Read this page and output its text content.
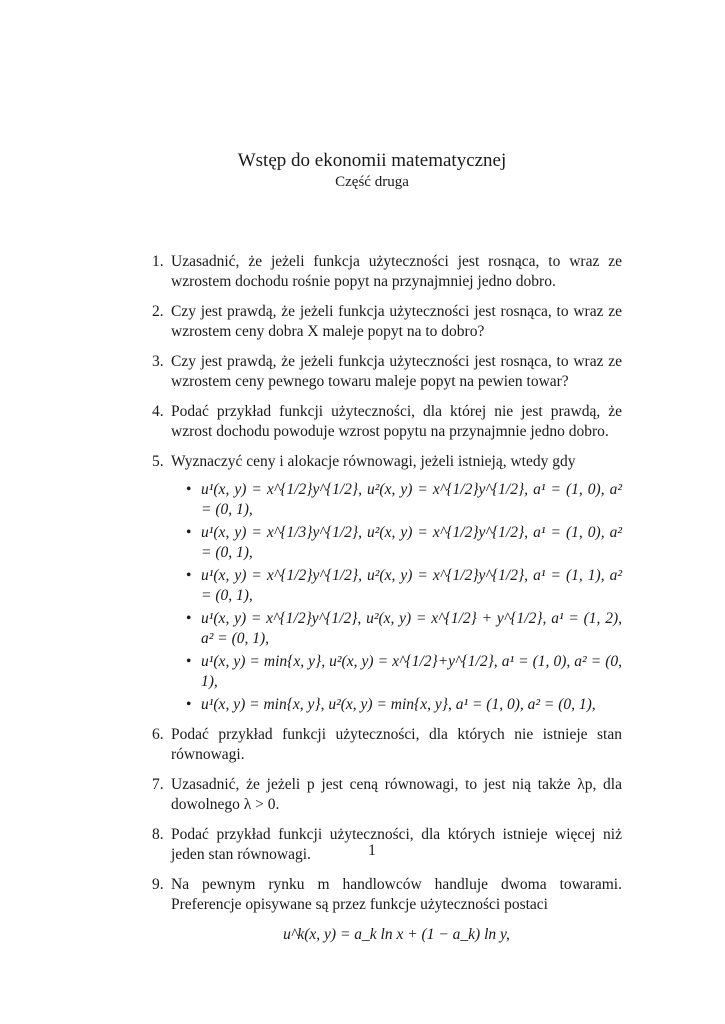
Wstęp do ekonomii matematycznej
Część druga
1. Uzasadnić, że jeżeli funkcja użyteczności jest rosnąca, to wraz ze wzrostem dochodu rośnie popyt na przynajmniej jedno dobro.
2. Czy jest prawdą, że jeżeli funkcja użyteczności jest rosnąca, to wraz ze wzrostem ceny dobra X maleje popyt na to dobro?
3. Czy jest prawdą, że jeżeli funkcja użyteczności jest rosnąca, to wraz ze wzrostem ceny pewnego towaru maleje popyt na pewien towar?
4. Podać przykład funkcji użyteczności, dla której nie jest prawdą, że wzrost dochodu powoduje wzrost popytu na przynajmnie jedno dobro.
5. Wyznaczyć ceny i alokacje równowagi, jeżeli istnieją, wtedy gdy
• u¹(x, y) = x^{1/2}y^{1/2}, u²(x, y) = x^{1/2}y^{1/2}, a¹ = (1, 0), a² = (0, 1),
• u¹(x, y) = x^{1/3}y^{1/2}, u²(x, y) = x^{1/2}y^{1/2}, a¹ = (1, 0), a² = (0, 1),
• u¹(x, y) = x^{1/2}y^{1/2}, u²(x, y) = x^{1/2}y^{1/2}, a¹ = (1, 1), a² = (0, 1),
• u¹(x, y) = x^{1/2}y^{1/2}, u²(x, y) = x^{1/2} + y^{1/2}, a¹ = (1, 2), a² = (0, 1),
• u¹(x, y) = min{x, y}, u²(x, y) = x^{1/2}+y^{1/2}, a¹ = (1, 0), a² = (0, 1),
• u¹(x, y) = min{x, y}, u²(x, y) = min{x, y}, a¹ = (1, 0), a² = (0, 1),
6. Podać przykład funkcji użyteczności, dla których nie istnieje stan równowagi.
7. Uzasadnić, że jeżeli p jest ceną równowagi, to jest nią także λp, dla dowolnego λ > 0.
8. Podać przykład funkcji użyteczności, dla których istnieje więcej niż jeden stan równowagi.
9. Na pewnym rynku m handlowców handluje dwoma towarami. Preferencje opisywane są przez funkcje użyteczności postaci
u^k(x, y) = a_k ln x + (1 − a_k) ln y,
1
